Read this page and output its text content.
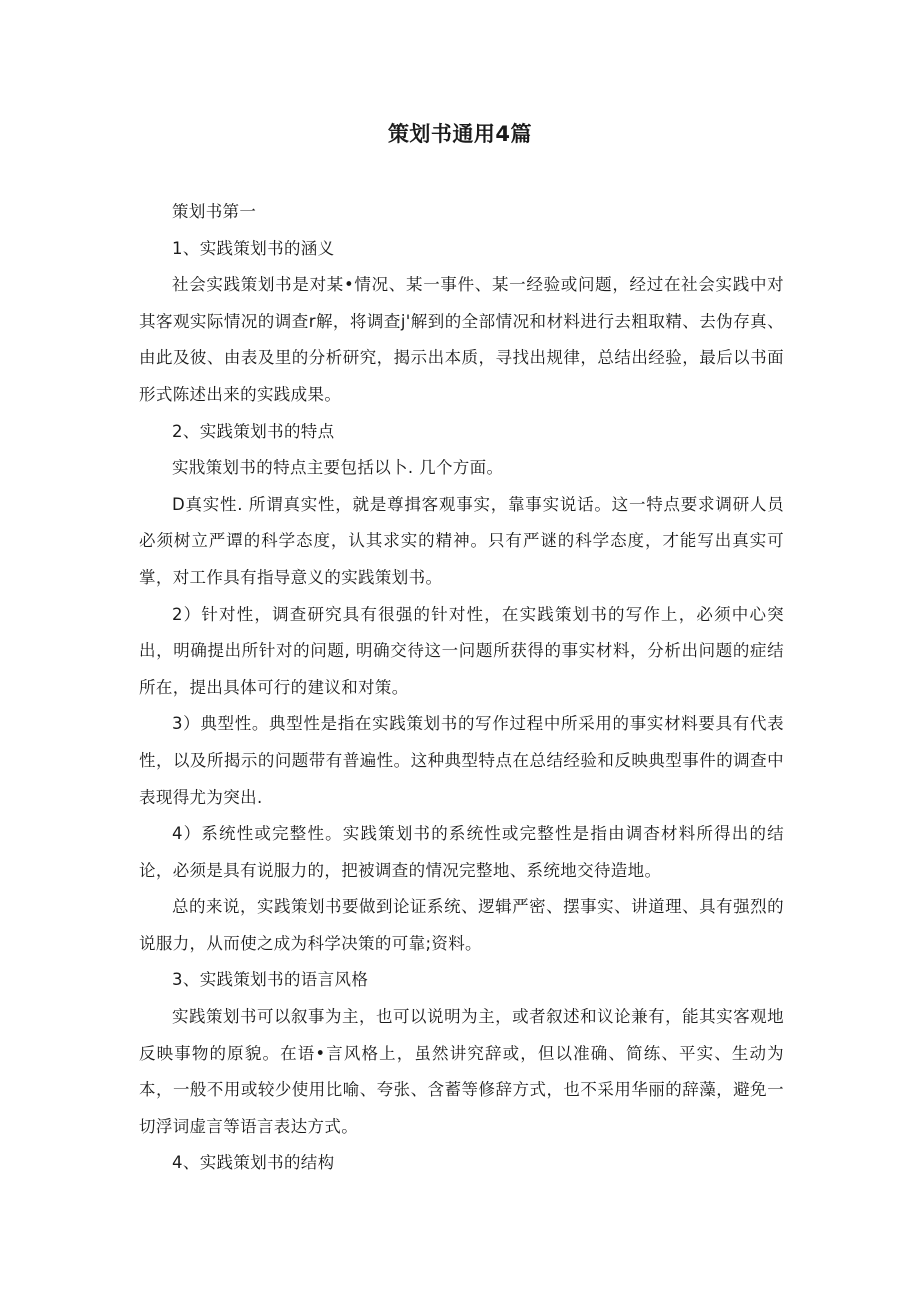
策划书通用4篇

策划书第一

1、实践策划书的涵义

社会实践策划书是对某•情况、某一事件、某一经验或问题，经过在社会实践中对其客观实际情况的调查r解，将调查j'解到的全部情况和材料进行去粗取精、去伪存真、由此及彼、由表及里的分析研究，揭示出本质，寻找出规律，总结出经验，最后以书面形式陈述出来的实践成果。

2、实践策划书的特点

实戕策划书的特点主要包括以卜. 几个方面。

D真实性. 所谓真实性，就是尊揖客观事实，靠事实说话。这一特点要求调研人员必须树立严谭的科学态度，认其求实的精神。只有严谜的科学态度，才能写出真实可掌，对工作具有指导意义的实践策划书。

2）针对性，调查研究具有很强的针对性，在实践策划书的写作上，必须中心突出，明确提出所针对的问题, 明确交待这一问题所获得的事实材料，分析出问题的症结所在，提出具体可行的建议和对策。

3）典型性。典型性是指在实践策划书的写作过程中所采用的事实材料要具有代表性，以及所揭示的问题带有普遍性。这种典型特点在总结经验和反映典型事件的调查中表现得尤为突出.

4）系统性或完整性。实践策划书的系统性或完整性是指由调杳材料所得出的结论，必须是具有说服力的，把被调查的情况完整地、系统地交待造地。

总的来说，实践策划书要做到论证系统、逻辑严密、摆事实、讲道理、具有强烈的说服力，从而使之成为科学决策的可靠;资料。

3、实践策划书的语言风格

实践策划书可以叙事为主，也可以说明为主，或者叙述和议论兼有，能其实客观地反映事物的原貌。在语•言风格上，虽然讲究辞或，但以准确、简练、平实、生动为本，一般不用或较少使用比喻、夸张、含蓄等修辞方式，也不采用华丽的辞藻，避免一切浮词虚言等语言表达方式。

4、实践策划书的结构
